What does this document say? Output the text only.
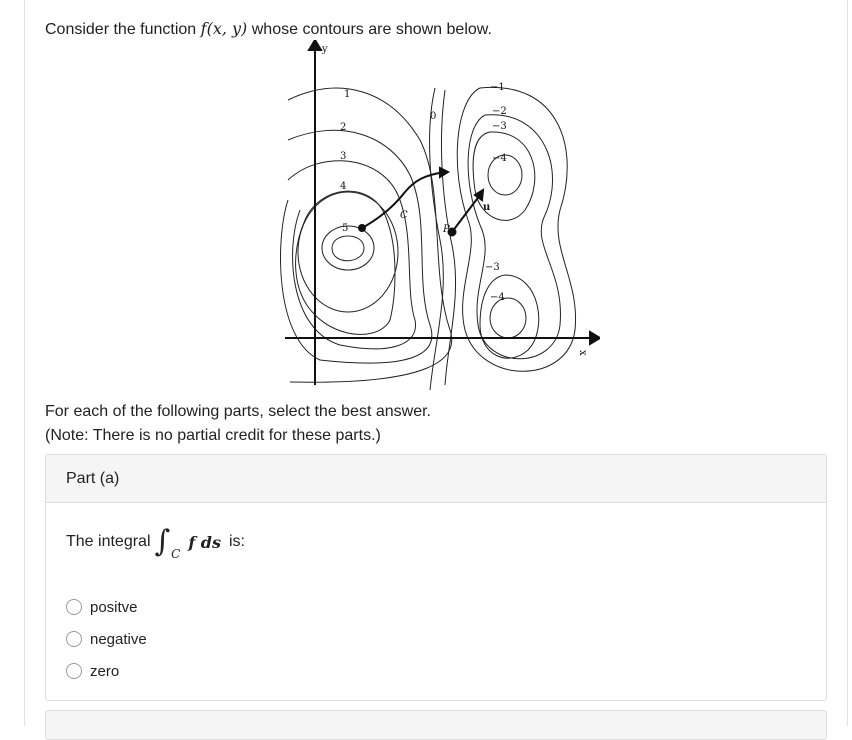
Consider the function f(x, y) whose contours are shown below.
x
y
1
2
3
4
5
0
−1
−2
−3
−4
−3
−4
C
P
u
For each of the following parts, select the best answer.
(Note: There is no partial credit for these parts.)
Part (a)
The integral ∫ C
f ds is:
positve
negative
zero
